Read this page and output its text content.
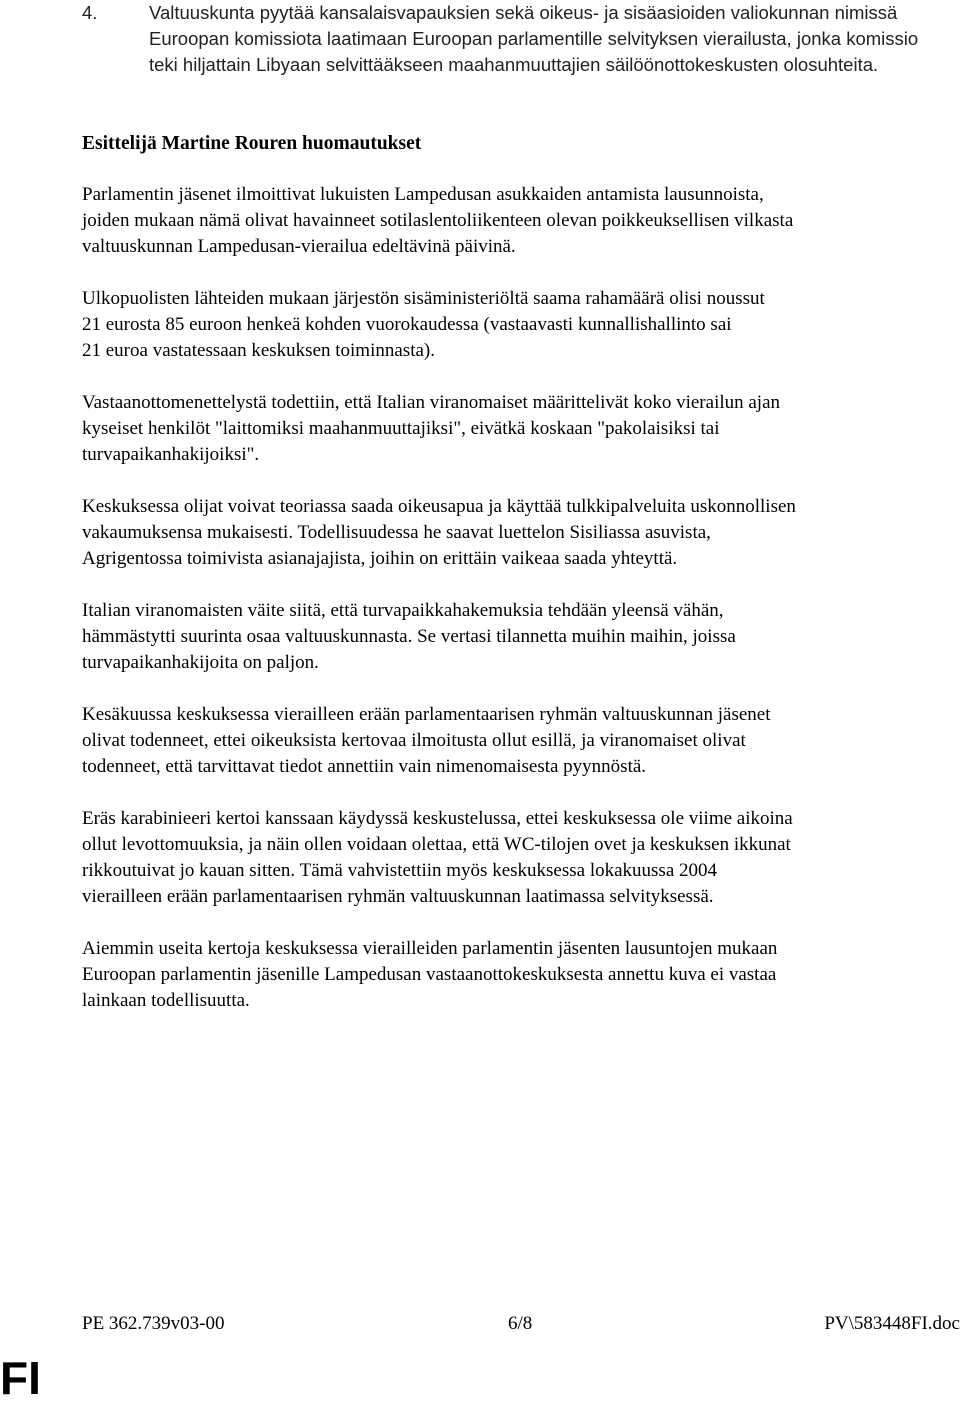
4.	Valtuuskunta pyytää kansalaisvapauksien sekä oikeus- ja sisäasioiden valiokunnan nimissä Euroopan komissiota laatimaan Euroopan parlamentille selvityksen vierailusta, jonka komissio teki hiljattain Libyaan selvittääkseen maahanmuuttajien säilöönottokeskusten olosuhteita.
Esittelijä Martine Rouren huomautukset

Parlamentin jäsenet ilmoittivat lukuisten Lampedusan asukkaiden antamista lausunnoista,
joiden mukaan nämä olivat havainneet sotilaslentoliikenteen olevan poikkeuksellisen vilkasta
valtuuskunnan Lampedusan-vierailua edeltävinä päivinä.

Ulkopuolisten lähteiden mukaan järjestön sisäministeriöltä saama rahamäärä olisi noussut
21 eurosta 85 euroon henkeä kohden vuorokaudessa (vastaavasti kunnallishallinto sai
21 euroa vastatessaan keskuksen toiminnasta).

Vastaanottomenettelystä todettiin, että Italian viranomaiset määrittelivät koko vierailun ajan
kyseiset henkilöt "laittomiksi maahanmuuttajiksi", eivätkä koskaan "pakolaisiksi tai
turvapaikanhakijoiksi".

Keskuksessa olijat voivat teoriassa saada oikeusapua ja käyttää tulkkipalveluita uskonnollisen
vakaumuksensa mukaisesti. Todellisuudessa he saavat luettelon Sisiliassa asuvista,
Agrigentossa toimivista asianajajista, joihin on erittäin vaikeaa saada yhteyttä.

Italian viranomaisten väite siitä, että turvapaikkahakemuksia tehdään yleensä vähän,
hämmästytti suurinta osaa valtuuskunnasta. Se vertasi tilannetta muihin maihin, joissa
turvapaikanhakijoita on paljon.

Kesäkuussa keskuksessa vierailleen erään parlamentaarisen ryhmän valtuuskunnan jäsenet
olivat todenneet, ettei oikeuksista kertovaa ilmoitusta ollut esillä, ja viranomaiset olivat
todenneet, että tarvittavat tiedot annettiin vain nimenomaisesta pyynnöstä.

Eräs karabinieeri kertoi kanssaan käydyssä keskustelussa, ettei keskuksessa ole viime aikoina
ollut levottomuuksia, ja näin ollen voidaan olettaa, että WC-tilojen ovet ja keskuksen ikkunat
rikkoutuivat jo kauan sitten. Tämä vahvistettiin myös keskuksessa lokakuussa 2004
vierailleen erään parlamentaarisen ryhmän valtuuskunnan laatimassa selvityksessä.

Aiemmin useita kertoja keskuksessa vierailleiden parlamentin jäsenten lausuntojen mukaan
Euroopan parlamentin jäsenille Lampedusan vastaanottokeskuksesta annettu kuva ei vastaa
lainkaan todellisuutta.

PE 362.739v03-00	6/8	PV\583448FI.doc
FI
